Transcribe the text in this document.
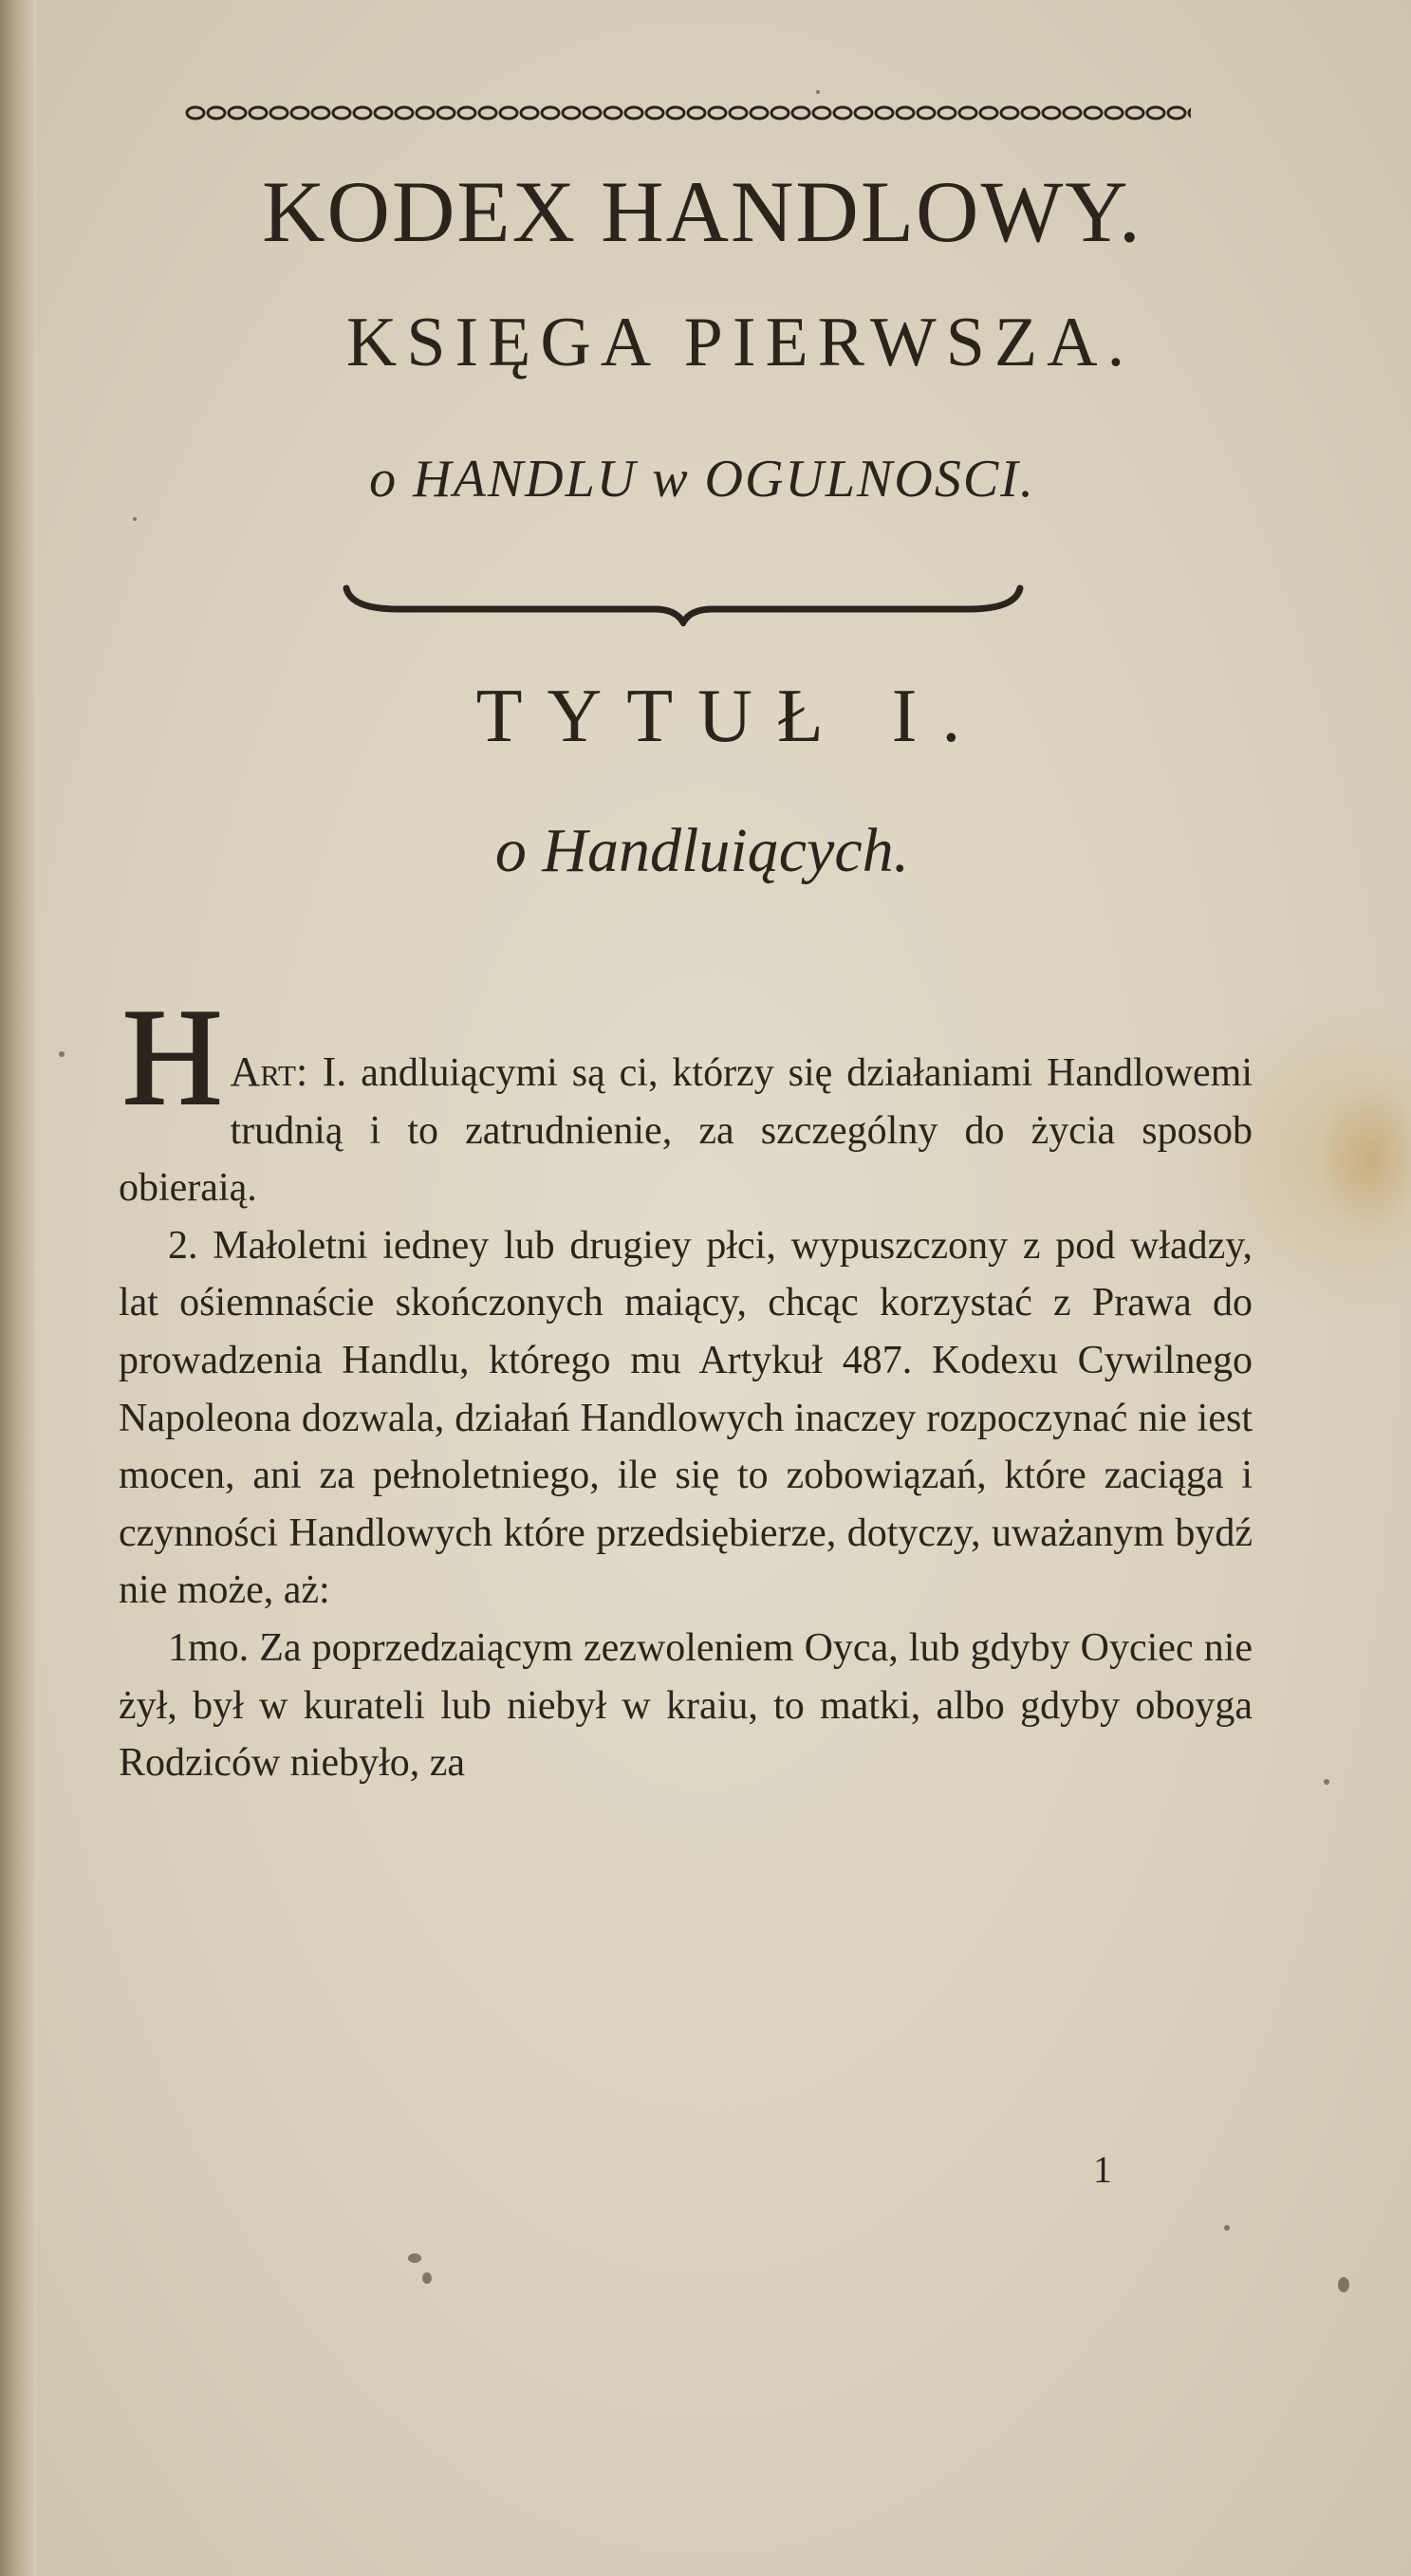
KODEX HANDLOWY.
KSIĘGA PIERWSZA.
o HANDLU w OGULNOSCI.
TYTUŁ I.
o Handluiących.

Art: I.
H	andluiącymi są ci, którzy się działaniami Handlowemi trudnią i to zatrudnienie, za szczególny do życia sposob obieraią.

2. Małoletni iedney lub drugiey płci, wypuszczony z pod władzy, lat ośiemnaście skończonych maiący, chcąc korzystać z Prawa do prowadzenia Handlu, którego mu Artykuł 487. Kodexu Cywilnego Napoleona dozwala, działań Handlowych inaczey rozpoczynać nie iest mocen, ani za pełnoletniego, ile się to zobowiązań, które zaciąga i czynności Handlowych które przedsiębierze, dotyczy, uważanym bydź nie może, aż:

1mo. Za poprzedzaiącym zezwoleniem Oyca, lub gdyby Oyciec nie żył, był w kurateli lub niebył w kraiu, to matki, albo gdyby oboyga Rodziców niebyło, za

1
